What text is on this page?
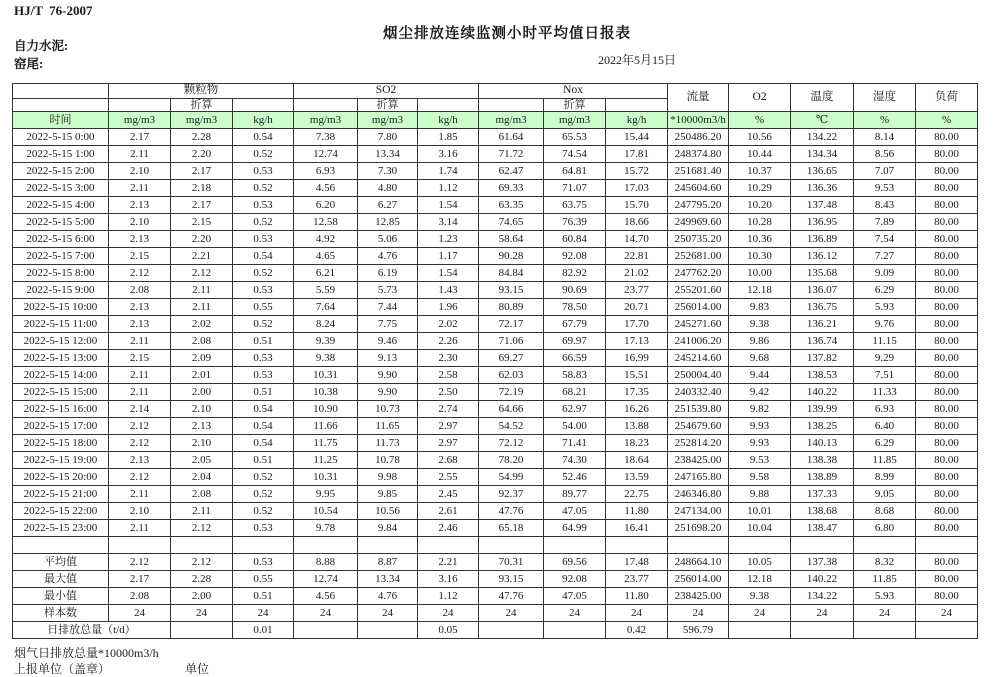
HJ/T  76-2007
烟尘排放连续监测小时平均值日报表
自力水泥:
窑尾:	2022年5月15日
	颗粒物			SO2			Nox			流量	O2	温度	湿度	负荷
		折算			折算			折算						
时间	mg/m3	mg/m3	kg/h	mg/m3	mg/m3	kg/h	mg/m3	mg/m3	kg/h	*10000m3/h	%	℃	%	%
2022-5-15 0:00	2.17	2.28	0.54	7.38	7.80	1.85	61.64	65.53	15.44	250486.20	10.56	134.22	8.14	80.00
2022-5-15 1:00	2.11	2.20	0.52	12.74	13.34	3.16	71.72	74.54	17.81	248374.80	10.44	134.34	8.56	80.00
2022-5-15 2:00	2.10	2.17	0.53	6.93	7.30	1.74	62.47	64.81	15.72	251681.40	10.37	136.65	7.07	80.00
2022-5-15 3:00	2.11	2.18	0.52	4.56	4.80	1.12	69.33	71.07	17.03	245604.60	10.29	136.36	9.53	80.00
2022-5-15 4:00	2.13	2.17	0.53	6.20	6.27	1.54	63.35	63.75	15.70	247795.20	10.20	137.48	8.43	80.00
2022-5-15 5:00	2.10	2.15	0.52	12.58	12.85	3.14	74.65	76.39	18.66	249969.60	10.28	136.95	7.89	80.00
2022-5-15 6:00	2.13	2.20	0.53	4.92	5.06	1.23	58.64	60.84	14.70	250735.20	10.36	136.89	7.54	80.00
2022-5-15 7:00	2.15	2.21	0.54	4.65	4.76	1.17	90.28	92.08	22.81	252681.00	10.30	136.12	7.27	80.00
2022-5-15 8:00	2.12	2.12	0.52	6.21	6.19	1.54	84.84	82.92	21.02	247762.20	10.00	135.68	9.09	80.00
2022-5-15 9:00	2.08	2.11	0.53	5.59	5.73	1.43	93.15	90.69	23.77	255201.60	12.18	136.07	6.29	80.00
2022-5-15 10:00	2.13	2.11	0.55	7.64	7.44	1.96	80.89	78.50	20.71	256014.00	9.83	136.75	5.93	80.00
2022-5-15 11:00	2.13	2.02	0.52	8.24	7.75	2.02	72.17	67.79	17.70	245271.60	9.38	136.21	9.76	80.00
2022-5-15 12:00	2.11	2.08	0.51	9.39	9.46	2.26	71.06	69.97	17.13	241006.20	9.86	136.74	11.15	80.00
2022-5-15 13:00	2.15	2.09	0.53	9.38	9.13	2.30	69.27	66.59	16.99	245214.60	9.68	137.82	9.29	80.00
2022-5-15 14:00	2.11	2.01	0.53	10.31	9.90	2.58	62.03	58.83	15.51	250004.40	9.44	138.53	7.51	80.00
2022-5-15 15:00	2.11	2.00	0.51	10.38	9.90	2.50	72.19	68.21	17.35	240332.40	9.42	140.22	11.33	80.00
2022-5-15 16:00	2.14	2.10	0.54	10.90	10.73	2.74	64.66	62.97	16.26	251539.80	9.82	139.99	6.93	80.00
2022-5-15 17:00	2.12	2.13	0.54	11.66	11.65	2.97	54.52	54.00	13.88	254679.60	9.93	138.25	6.40	80.00
2022-5-15 18:00	2.12	2.10	0.54	11.75	11.73	2.97	72.12	71.41	18.23	252814.20	9.93	140.13	6.29	80.00
2022-5-15 19:00	2.13	2.05	0.51	11.25	10.78	2.68	78.20	74.30	18.64	238425.00	9.53	138.38	11.85	80.00
2022-5-15 20:00	2.12	2.04	0.52	10.31	9.98	2.55	54.99	52.46	13.59	247165.80	9.58	138.89	8.99	80.00
2022-5-15 21:00	2.11	2.08	0.52	9.95	9.85	2.45	92.37	89.77	22.75	246346.80	9.88	137.33	9.05	80.00
2022-5-15 22:00	2.10	2.11	0.52	10.54	10.56	2.61	47.76	47.05	11.80	247134.00	10.01	138.68	8.68	80.00
2022-5-15 23:00	2.11	2.12	0.53	9.78	9.84	2.46	65.18	64.99	16.41	251698.20	10.04	138.47	6.80	80.00

平均值	2.12	2.12	0.53	8.88	8.87	2.21	70.31	69.56	17.48	248664.10	10.05	137.38	8.32	80.00
最大值	2.17	2.28	0.55	12.74	13.34	3.16	93.15	92.08	23.77	256014.00	12.18	140.22	11.85	80.00
最小值	2.08	2.00	0.51	4.56	4.76	1.12	47.76	47.05	11.80	238425.00	9.38	134.22	5.93	80.00
样本数	24	24	24	24	24	24	24	24	24	24	24	24	24	24
日排放总量（t/d）			0.01			0.05			0.42	596.79				
烟气日排放总量*10000m3/h
上报单位（盖章）	单位
